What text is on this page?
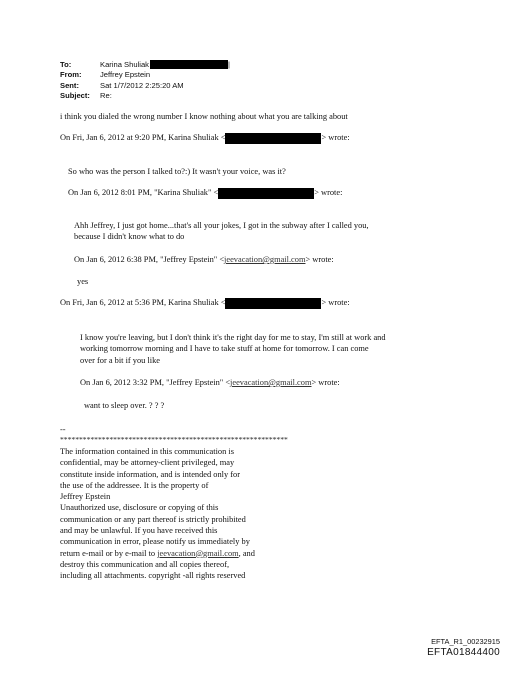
To:	Karina Shuliak	|
From:	Jeffrey Epstein
Sent:	Sat 1/7/2012 2:25:20 AM
Subject:	Re:
i think you dialed the wrong number I know nothing about what you are talking about
On Fri, Jan 6, 2012 at 9:20 PM, Karina Shuliak <	> wrote:
So who was the person I talked to?:) It wasn't your voice, was it?
On Jan 6, 2012 8:01 PM, "Karina Shuliak" <	> wrote:
Ahh Jeffrey, I just got home...that's all your jokes, I got in the subway after I called you,
because I didn't know what to do
On Jan 6, 2012 6:38 PM, "Jeffrey Epstein" <jeevacation@gmail.com> wrote:
yes
On Fri, Jan 6, 2012 at 5:36 PM, Karina Shuliak <	> wrote:
I know you're leaving, but I don't think it's the right day for me to stay, I'm still at work and
working tomorrow morning and I have to take stuff at home for tomorrow. I can come
over for a bit if you like
On Jan 6, 2012 3:32 PM, "Jeffrey Epstein" <jeevacation@gmail.com> wrote:
want to sleep over. ? ? ?
--
************************************************************
The information contained in this communication is
confidential, may be attorney-client privileged, may
constitute inside information, and is intended only for
the use of the addressee. It is the property of
Jeffrey Epstein
Unauthorized use, disclosure or copying of this
communication or any part thereof is strictly prohibited
and may be unlawful. If you have received this
communication in error, please notify us immediately by
return e-mail or by e-mail to jeevacation@gmail.com, and
destroy this communication and all copies thereof,
including all attachments. copyright -all rights reserved
EFTA_R1_00232915
EFTA01844400
